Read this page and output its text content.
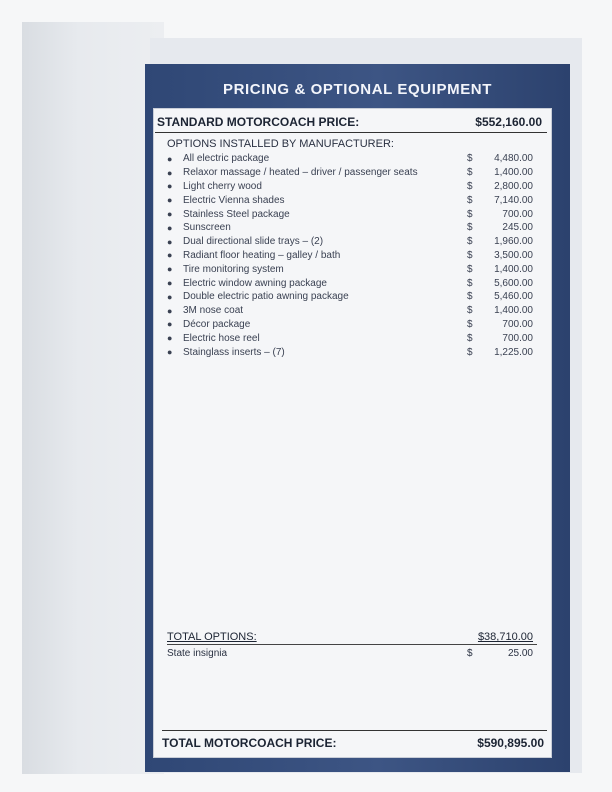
PRICING & OPTIONAL EQUIPMENT
STANDARD MOTORCOACH PRICE:	$552,160.00
OPTIONS INSTALLED BY MANUFACTURER:
●	All electric package	$	4,480.00
●	Relaxor massage / heated – driver / passenger seats	$	1,400.00
●	Light cherry wood	$	2,800.00
●	Electric Vienna shades	$	7,140.00
●	Stainless Steel package	$	700.00
●	Sunscreen	$	245.00
●	Dual directional slide trays – (2)	$	1,960.00
●	Radiant floor heating – galley / bath	$	3,500.00
●	Tire monitoring system	$	1,400.00
●	Electric window awning package	$	5,600.00
●	Double electric patio awning package	$	5,460.00
●	3M nose coat	$	1,400.00
●	Décor package	$	700.00
●	Electric hose reel	$	700.00
●	Stainglass inserts – (7)	$	1,225.00
TOTAL OPTIONS:	$38,710.00
State insignia	$	25.00
TOTAL MOTORCOACH PRICE:	$590,895.00
